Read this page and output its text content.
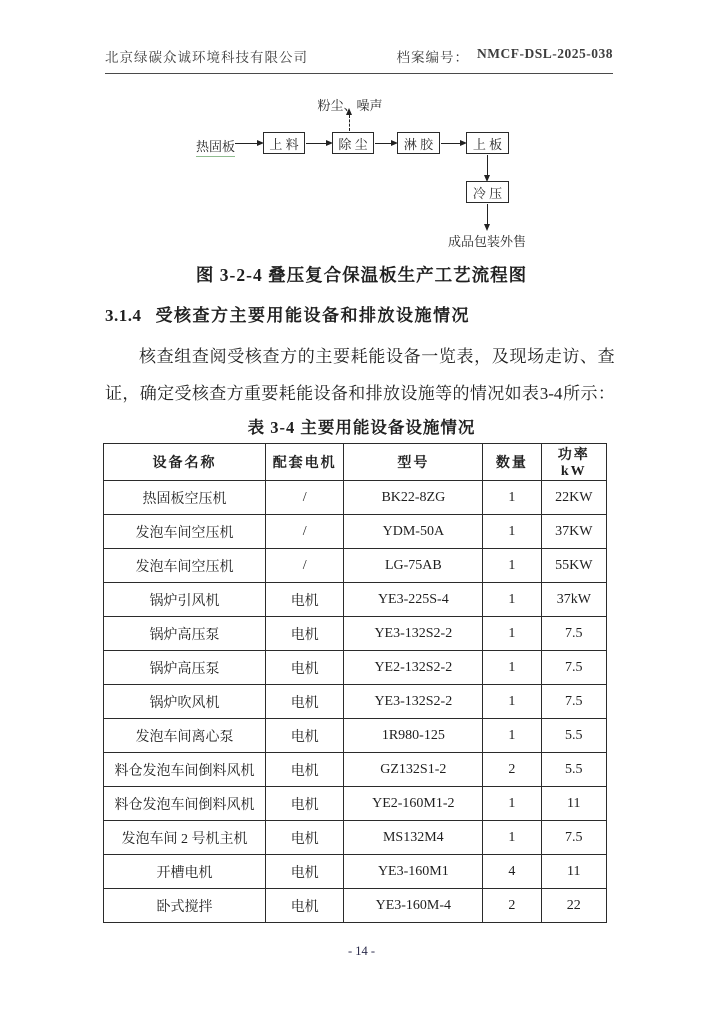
北京绿碳众诚环境科技有限公司	档案编号： NMCF-DSL-2025-038
粉尘、噪声
热固板	上 料	除 尘	淋 胶	上 板
冷 压
成品包装外售
图 3-2-4 叠压复合保温板生产工艺流程图
3.1.4 受核查方主要用能设备和排放设施情况
核 查 组 查 阅 受 核 查 方 的 主 要 耗 能 设 备 一 览 表 ， 及 现 场 走 访 、 查
证 ， 确 定 受 核 查 方 重 要 耗 能 设 备 和 排 放 设 施 等 的 情 况 如 表 3-4 所 示 ：
表 3-4 主要用能设备设施情况
设备名称	配套电机	型号	数量	功率 kW
热固板空压机	/	BK22-8ZG	1	22KW
发泡车间空压机	/	YDM-50A	1	37KW
发泡车间空压机	/	LG-75AB	1	55KW
锅炉引风机	电机	YE3-225S-4	1	37kW
锅炉高压泵	电机	YE3-132S2-2	1	7.5
锅炉高压泵	电机	YE2-132S2-2	1	7.5
锅炉吹风机	电机	YE3-132S2-2	1	7.5
发泡车间离心泵	电机	1R980-125	1	5.5
料仓发泡车间倒料风机	电机	GZ132S1-2	2	5.5
料仓发泡车间倒料风机	电机	YE2-160M1-2	1	11
发泡车间 2 号机主机	电机	MS132M4	1	7.5
开槽电机	电机	YE3-160M1	4	11
卧式搅拌	电机	YE3-160M-4	2	22
- 14 -
